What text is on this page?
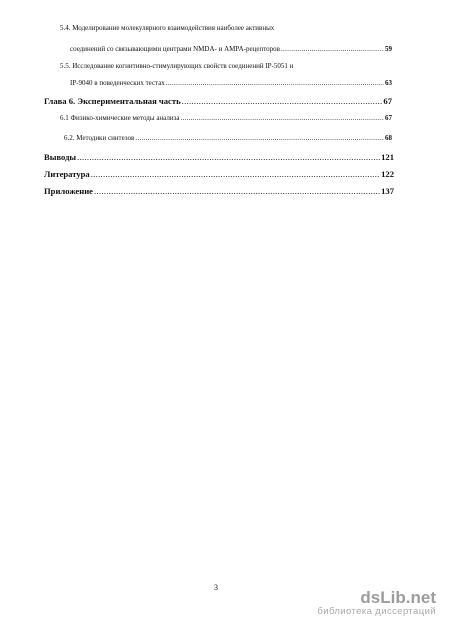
5.4. Моделирование молекулярного взаимодействия наиболее активных
соединений со связывающими центрами NMDA- и AMPA-рецепторов .....	59
5.5. Исследование когнитивно-стимулирующих свойств соединений IP-5051 и
IP-9040 в поведенческих тестах .....	63
Глава 6. Экспериментальная часть .....	67
6.1 Физико-химические методы анализа .....	67
6.2. Методики синтезов .....	68
Выводы .....	121
Литература .....	122
Приложение .....	137
3
dsLib.net
библиотека диссертаций
